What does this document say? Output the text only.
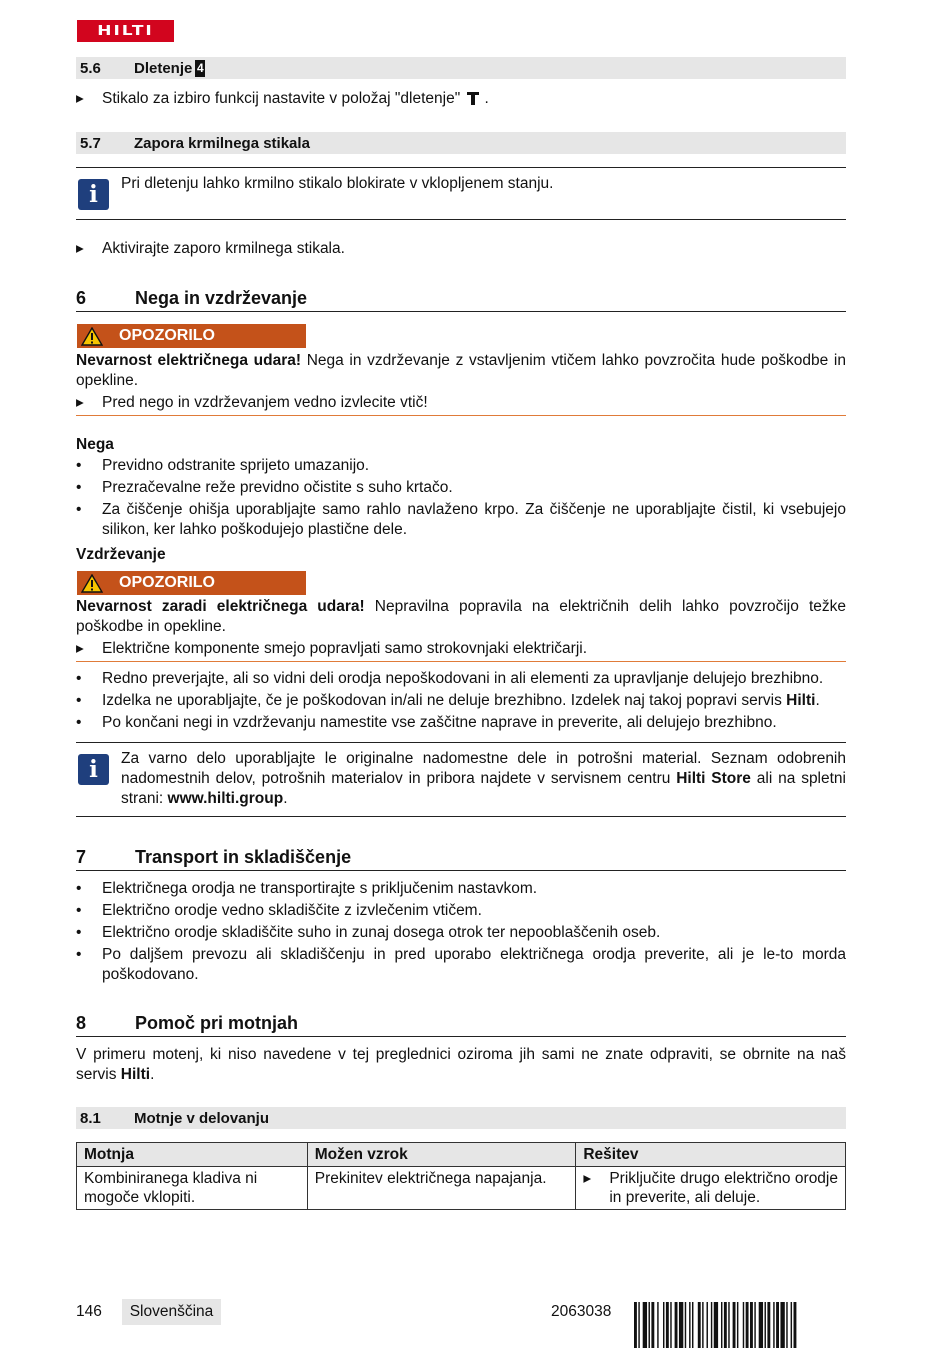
HILTI
5.6	Dletenje 4
▸	Stikalo za izbiro funkcij nastavite v položaj "dletenje" .
5.7	Zapora krmilnega stikala
i	Pri dletenju lahko krmilno stikalo blokirate v vklopljenem stanju.
▸	Aktivirajte zaporo krmilnega stikala.
6	Nega in vzdrževanje
OPOZORILO
Nevarnost električnega udara! Nega in vzdrževanje z vstavljenim vtičem lahko povzročita hude poškodbe in opekline.
▸	Pred nego in vzdrževanjem vedno izvlecite vtič!
Nega
•	Previdno odstranite sprijeto umazanijo.
•	Prezračevalne reže previdno očistite s suho krtačo.
•	Za čiščenje ohišja uporabljajte samo rahlo navlaženo krpo. Za čiščenje ne uporabljajte čistil, ki vsebujejo silikon, ker lahko poškodujejo plastične dele.
Vzdrževanje
OPOZORILO
Nevarnost zaradi električnega udara! Nepravilna popravila na električnih delih lahko povzročijo težke poškodbe in opekline.
▸	Električne komponente smejo popravljati samo strokovnjaki električarji.
•	Redno preverjajte, ali so vidni deli orodja nepoškodovani in ali elementi za upravljanje delujejo brezhibno.
•	Izdelka ne uporabljajte, če je poškodovan in/ali ne deluje brezhibno. Izdelek naj takoj popravi servis Hilti.
•	Po končani negi in vzdrževanju namestite vse zaščitne naprave in preverite, ali delujejo brezhibno.
i	Za varno delo uporabljajte le originalne nadomestne dele in potrošni material. Seznam odobrenih nadomestnih delov, potrošnih materialov in pribora najdete v servisnem centru Hilti Store ali na spletni strani: www.hilti.group.
7	Transport in skladiščenje
•	Električnega orodja ne transportirajte s priključenim nastavkom.
•	Električno orodje vedno skladiščite z izvlečenim vtičem.
•	Električno orodje skladiščite suho in zunaj dosega otrok ter nepooblaščenih oseb.
•	Po daljšem prevozu ali skladiščenju in pred uporabo električnega orodja preverite, ali je le-to morda poškodovano.
8	Pomoč pri motnjah
V primeru motenj, ki niso navedene v tej preglednici oziroma jih sami ne znate odpraviti, se obrnite na naš servis Hilti.
8.1	Motnje v delovanju
Motnja	Možen vzrok	Rešitev
Kombiniranega kladiva ni mogoče vklopiti.	Prekinitev električnega napajanja.	▸ Priključite drugo električno orodje in preverite, ali deluje.
146	Slovenščina	2063038
